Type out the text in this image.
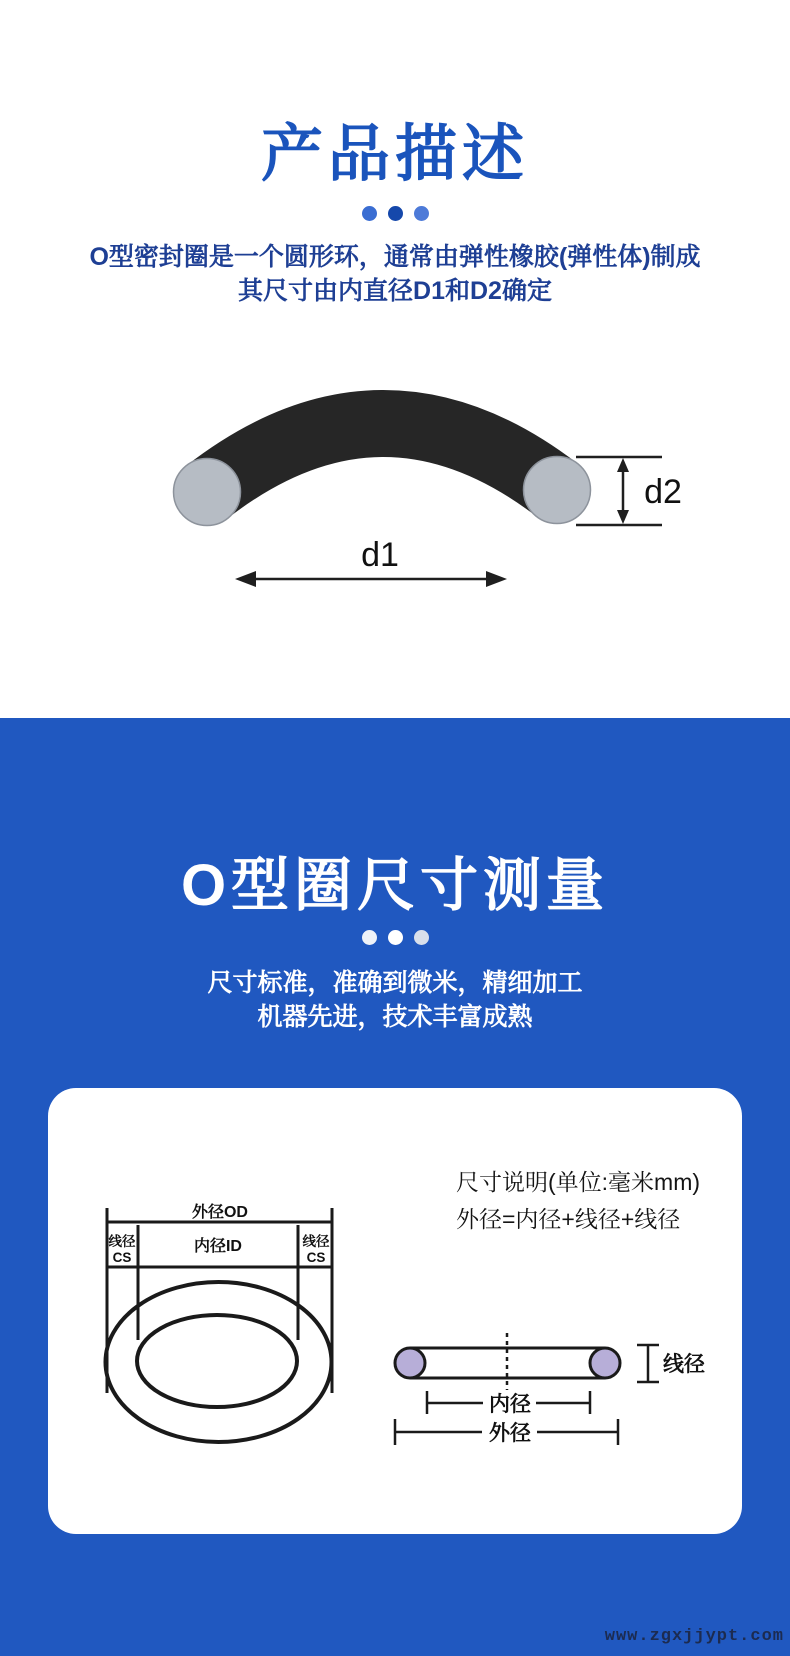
产品描述

O型密封圈是一个圆形环，通常由弹性橡胶(弹性体)制成
其尺寸由内直径D1和D2确定

d2
d1
O型圈尺寸测量

尺寸标准，准确到微米，精细加工
机器先进，技术丰富成熟

尺寸说明(单位:毫米mm)
外径=内径+线径+线径

外径OD
线径
CS
内径ID	线径
CS
线径
内径
外径
www.zgxjjypt.com
